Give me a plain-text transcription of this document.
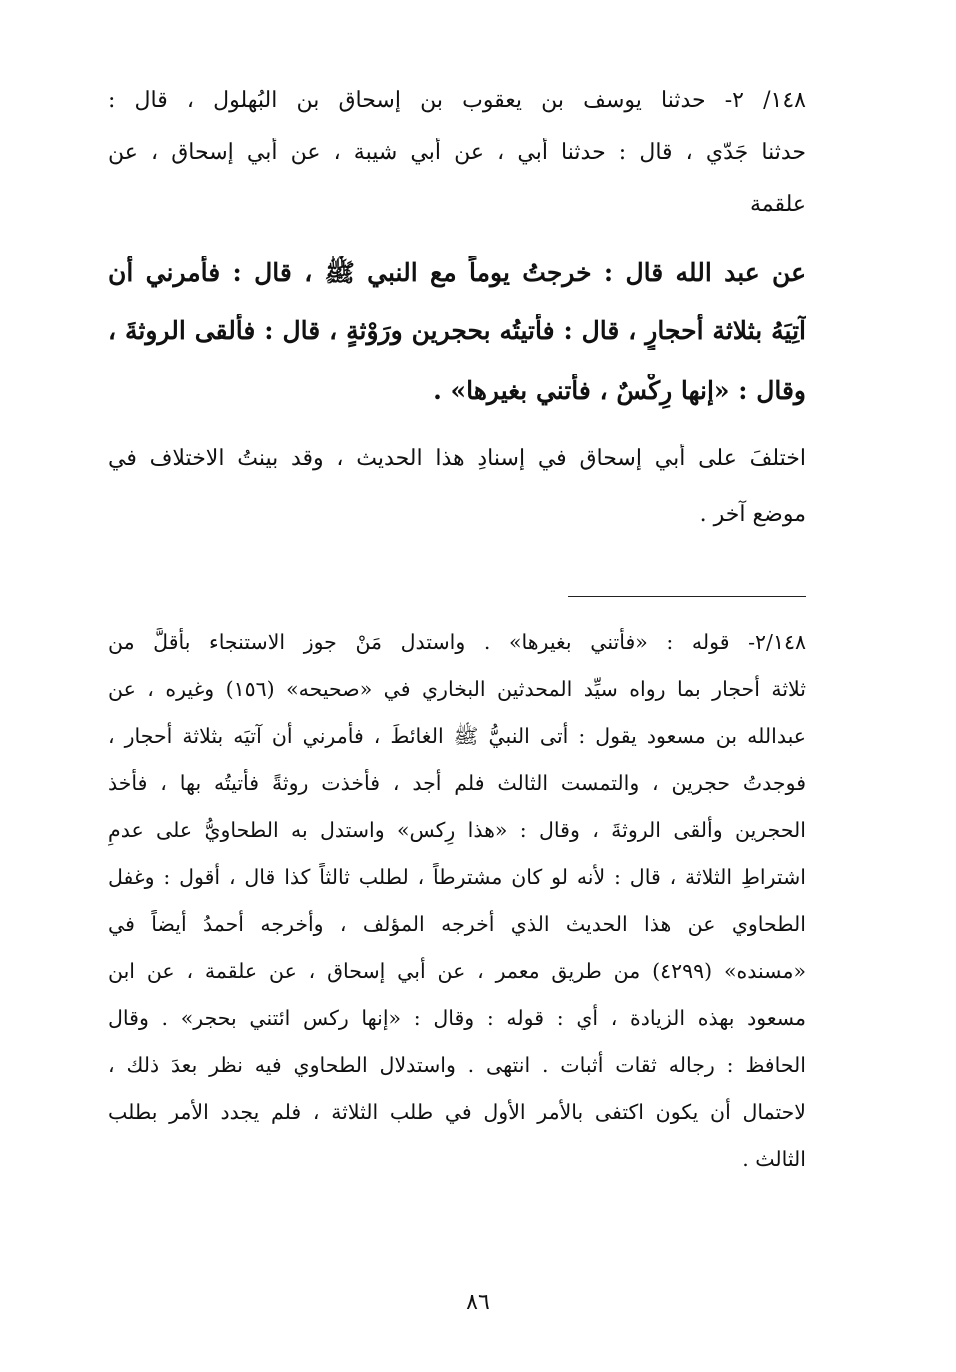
١٤٨/ ٢- حدثنا يوسف بن يعقوب بن إسحاق بن البُهلول ، قال :
حدثنا جَدّي ، قال : حدثنا أبي ، عن أبي شيبة ، عن أبي إسحاق ، عن
علقمة
عن عبد الله قال : خرجتُ يوماً مع النبي ﷺ ، قال : فأمرني أن
آتِيَهُ بثلاثة أحجارٍ ، قال : فأتيتُه بحجرين ورَوْثةٍ ، قال : فألقى الروثةَ ،
وقال : «إنها رِكْسٌ ، فأتني بغيرها» .
اختلفَ على أبي إسحاق في إسنادِ هذا الحديث ، وقد بينتُ الاختلاف في
موضع آخر .
٢/١٤٨- قوله : «فأتني بغيرها» . واستدل مَنْ جوز الاستنجاء بأقلَّ من
ثلاثة أحجار بما رواه سيِّد المحدثين البخاري في «صحيحه» (١٥٦) وغيره ، عن
عبدالله بن مسعود يقول : أتى النبيُّ ﷺ الغائطَ ، فأمرني أن آتيَه بثلاثة أحجار ،
فوجدتُ حجرين ، والتمست الثالث فلم أجد ، فأخذت روثةً فأتيتُه بها ، فأخذ
الحجرين وألقى الروثةَ ، وقال : «هذا رِكس» واستدل به الطحاويُّ على عدمِ
اشتراطِ الثلاثة ، قال : لأنه لو كان مشترطاً ، لطلب ثالثاً كذا قال ، أقول : وغفل
الطحاوي عن هذا الحديث الذي أخرجه المؤلف ، وأخرجه أحمدُ أيضاً في
«مسنده» (٤٢٩٩) من طريق معمر ، عن أبي إسحاق ، عن علقمة ، عن ابن
مسعود بهذه الزيادة ، أي : قوله : وقال : «إنها ركس ائتني بحجر» . وقال
الحافظ : رجاله ثقات أثبات . انتهى . واستدلال الطحاوي فيه نظر بعدَ ذلك ،
لاحتمال أن يكون اكتفى بالأمر الأول في طلب الثلاثة ، فلم يجدد الأمر بطلب
الثالث .
٨٦
